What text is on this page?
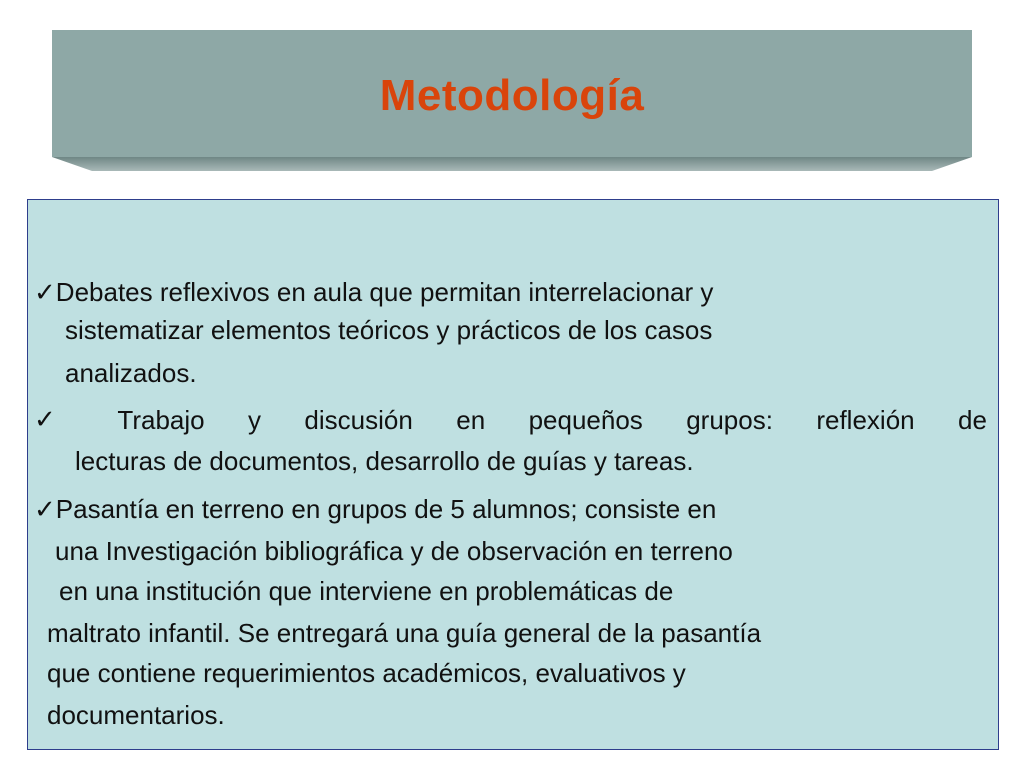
Metodología
✓Debates reflexivos en aula que permitan interrelacionar y
sistematizar elementos teóricos y prácticos de los casos
analizados.
✓	Trabajo y discusión en pequeños grupos: reflexión de
lecturas de documentos, desarrollo de guías y tareas.
✓Pasantía en terreno en grupos de 5 alumnos; consiste en
una Investigación bibliográfica y de observación en terreno
en una institución que interviene en problemáticas de
maltrato infantil. Se entregará una guía general de la pasantía
que contiene requerimientos académicos, evaluativos y
documentarios.
